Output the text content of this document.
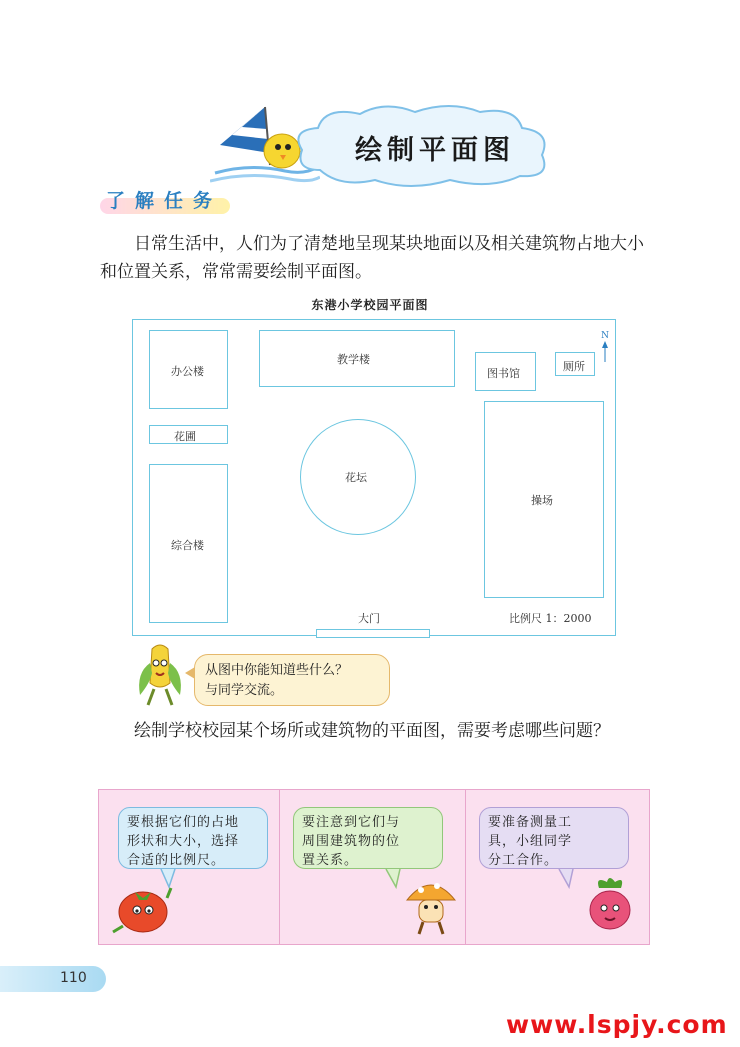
绘制平面图
了解任务
日常生活中，人们为了清楚地呈现某块地面以及相关建筑物占地大小和位置关系，常常需要绘制平面图。
东港小学校园平面图
办公楼
教学楼
图书馆
厕所
花圃
花坛
操场
综合楼
N
大门	比例尺 1：2000
从图中你能知道些什么？
与同学交流。
绘制学校校园某个场所或建筑物的平面图，需要考虑哪些问题？
要根据它们的占地
形状和大小，选择
合适的比例尺。
要注意到它们与
周围建筑物的位
置关系。
要准备测量工
具，小组同学
分工合作。
110
www.lspjy.com
